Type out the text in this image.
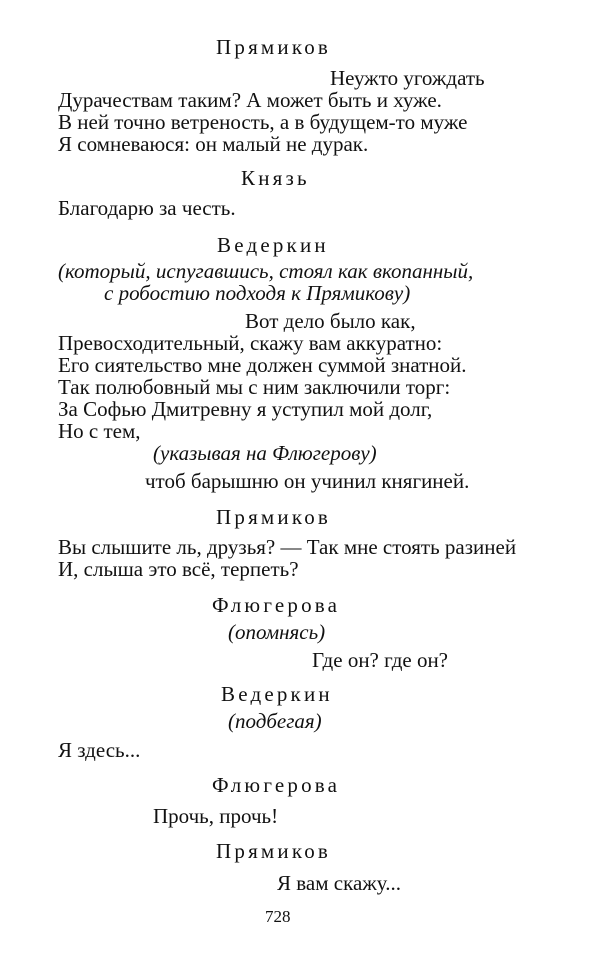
Прямиков
Неужто угождать
Дурачествам таким? А может быть и хуже.
В ней точно ветреность, а в будущем-то муже
Я сомневаюся: он малый не дурак.
Князь
Благодарю за честь.
Ведеркин
(который, испугавшись, стоял как вкопанный,
с робостию подходя к Прямикову)
Вот дело было как,
Превосходительный, скажу вам аккуратно:
Его сиятельство мне должен суммой знатной.
Так полюбовный мы с ним заключили торг:
За Софью Дмитревну я уступил мой долг,
Но с тем,
(указывая на Флюгерову)
чтоб барышню он учинил княгиней.
Прямиков
Вы слышите ль, друзья? — Так мне стоять разиней
И, слыша это всё, терпеть?
Флюгерова
(опомнясь)
Где он? где он?
Ведеркин
(подбегая)
Я здесь...
Флюгерова
Прочь, прочь!
Прямиков
Я вам скажу...
728
